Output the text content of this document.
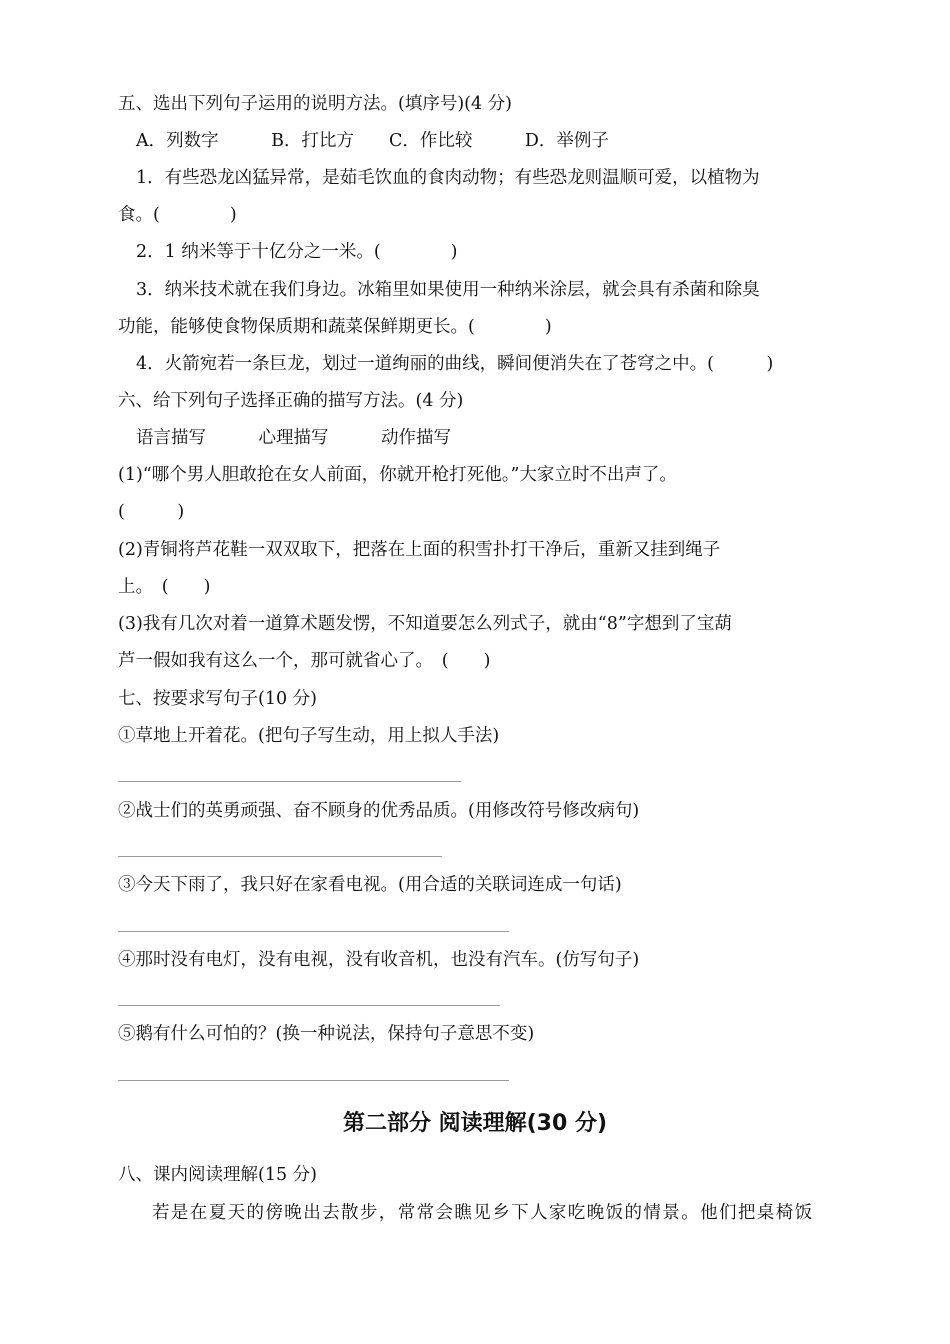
五、选出下列句子运用的说明方法。(填序号)(4 分)
A．列数字　　　B．打比方　　C．作比较　　　D．举例子
1．有些恐龙凶猛异常，是茹毛饮血的食肉动物；有些恐龙则温顺可爱，以植物为
食。(　　　　)
2．1 纳米等于十亿分之一米。(　　　　)
3．纳米技术就在我们身边。冰箱里如果使用一种纳米涂层，就会具有杀菌和除臭
功能，能够使食物保质期和蔬菜保鲜期更长。(　　　　)
4．火箭宛若一条巨龙，划过一道绚丽的曲线，瞬间便消失在了苍穹之中。(　　　)
六、给下列句子选择正确的描写方法。(4 分)
语言描写　　　心理描写　　　动作描写
(1)“哪个男人胆敢抢在女人前面，你就开枪打死他。”大家立时不出声了。
(　　　)
(2)青铜将芦花鞋一双双取下，把落在上面的积雪扑打干净后，重新又挂到绳子
上。　(　　)
(3)我有几次对着一道算术题发愣，不知道要怎么列式子，就由“8”字想到了宝葫
芦一假如我有这么一个，那可就省心了。　(　　)
七、按要求写句子(10 分)
①草地上开着花。(把句子写生动，用上拟人手法)
②战士们的英勇顽强、奋不顾身的优秀品质。(用修改符号修改病句)
③今天下雨了，我只好在家看电视。(用合适的关联词连成一句话)
④那时没有电灯，没有电视，没有收音机，也没有汽车。(仿写句子)
⑤鹅有什么可怕的？(换一种说法，保持句子意思不变)
第二部分 阅读理解(30 分)
八、课内阅读理解(15 分)
若是在夏天的傍晚出去散步，常常会瞧见乡下人家吃晚饭的情景。他们把桌椅饭
